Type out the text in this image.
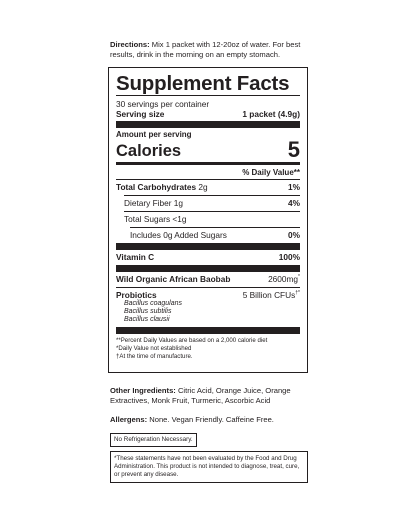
Directions: Mix 1 packet with 12-20oz of water. For best results, drink in the morning on an empty stomach.
Supplement Facts
30 servings per container
Serving size	1 packet (4.9g)
Amount per serving
Calories	5
% Daily Value**
Total Carbohydrates 2g	1%
Dietary Fiber 1g	4%
Total Sugars <1g
Includes 0g Added Sugars	0%
Vitamin C	100%
Wild Organic African Baobab	2600mg*
Probiotics	5 Billion CFUs†*
Bacillus coagulans
Bacillus subtilis
Bacillus clausii
**Percent Daily Values are based on a 2,000 calorie diet
*Daily Value not established
†At the time of manufacture.
Other Ingredients: Citric Acid, Orange Juice, Orange Extractives, Monk Fruit, Turmeric, Ascorbic Acid
Allergens: None. Vegan Friendly. Caffeine Free.
No Refrigeration Necessary.
*These statements have not been evaluated by the Food and Drug Administration. This product is not intended to diagnose, treat, cure, or prevent any disease.
